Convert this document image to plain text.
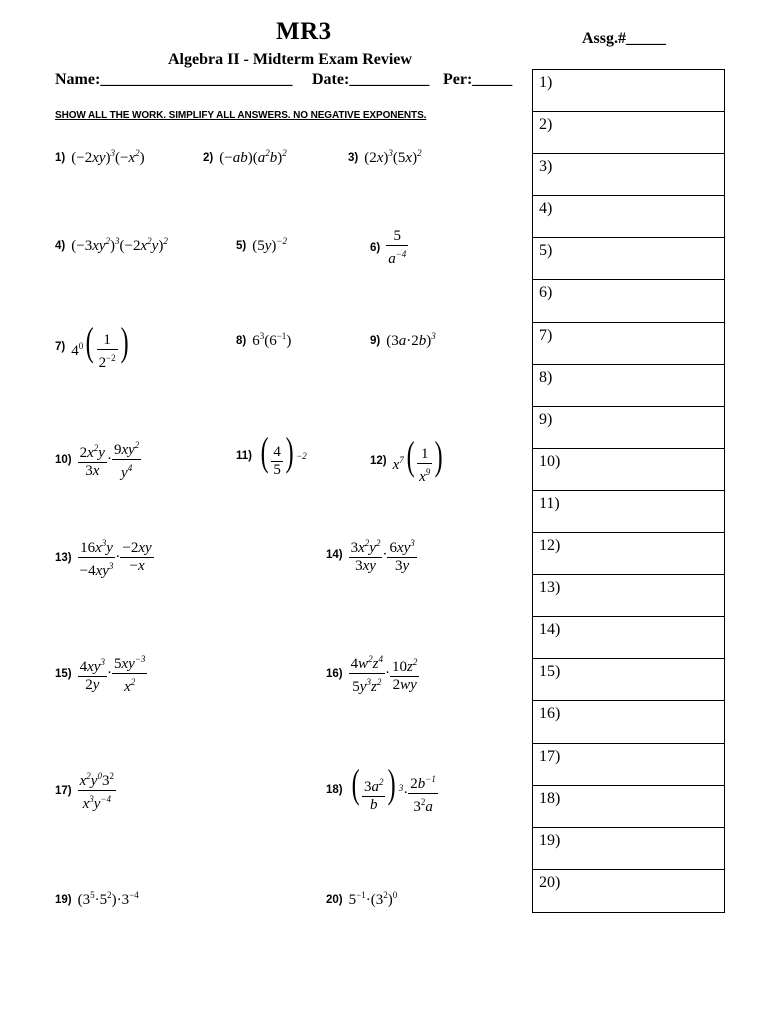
MR3	Assg.#_____
Algebra II - Midterm Exam Review
Name:________________________ Date:__________ Per:_____
SHOW ALL THE WORK. SIMPLIFY ALL ANSWERS. NO NEGATIVE EXPONENTS.
1) $(-2xy)^3(-x^2)$	2) $(-ab)(a^2b)^2$	3) $(2x)^3(5x)^2$
4) $(-3xy^2)^3(-2x^2y)^2$	5) $(5y)^{-2}$
$6) \frac{5}{a^{-4}}$
7) $4^0( \frac{1}{2^{-2}}$ )	8) $6^3(6^{-1})$	9) $(3a\cdot 2b)^3$
$10) \frac{2x^2y}{3x} \cdot \frac{9xy^2}{y^4}$	11) ( $\frac{4}{5}$ ) $^{-2}$	12) $x^7( \frac{1}{x^9}$ )
$13) \frac{16x^3y}{-4xy^3} \cdot \frac{-2xy}{-x}$	$14) \frac{3x^2y^2}{3xy} \cdot \frac{6xy^3}{3y}$
$15) \frac{4xy^3}{2y} \cdot \frac{5xy^{-3}}{x^2}$	$16) \frac{4w^2z^4}{5y^3z^2} \cdot \frac{10z^2}{2wy}$
$17) \frac{x^2y^03^2}{x^3y^{-4}}$	18) ( $\frac{3a^2}{b}$ ) $^3\cdot \frac{2b^{-1}}{3^2a}$
19) $(3^5\cdot 5^2)\cdot 3^{-4}$	20) $5^{-1}\cdot(3^2)^0$
1)
2)
3)
4)
5)
6)
7)
8)
9)
10)
11)
12)
13)
14)
15)
16)
17)
18)
19)
20)
